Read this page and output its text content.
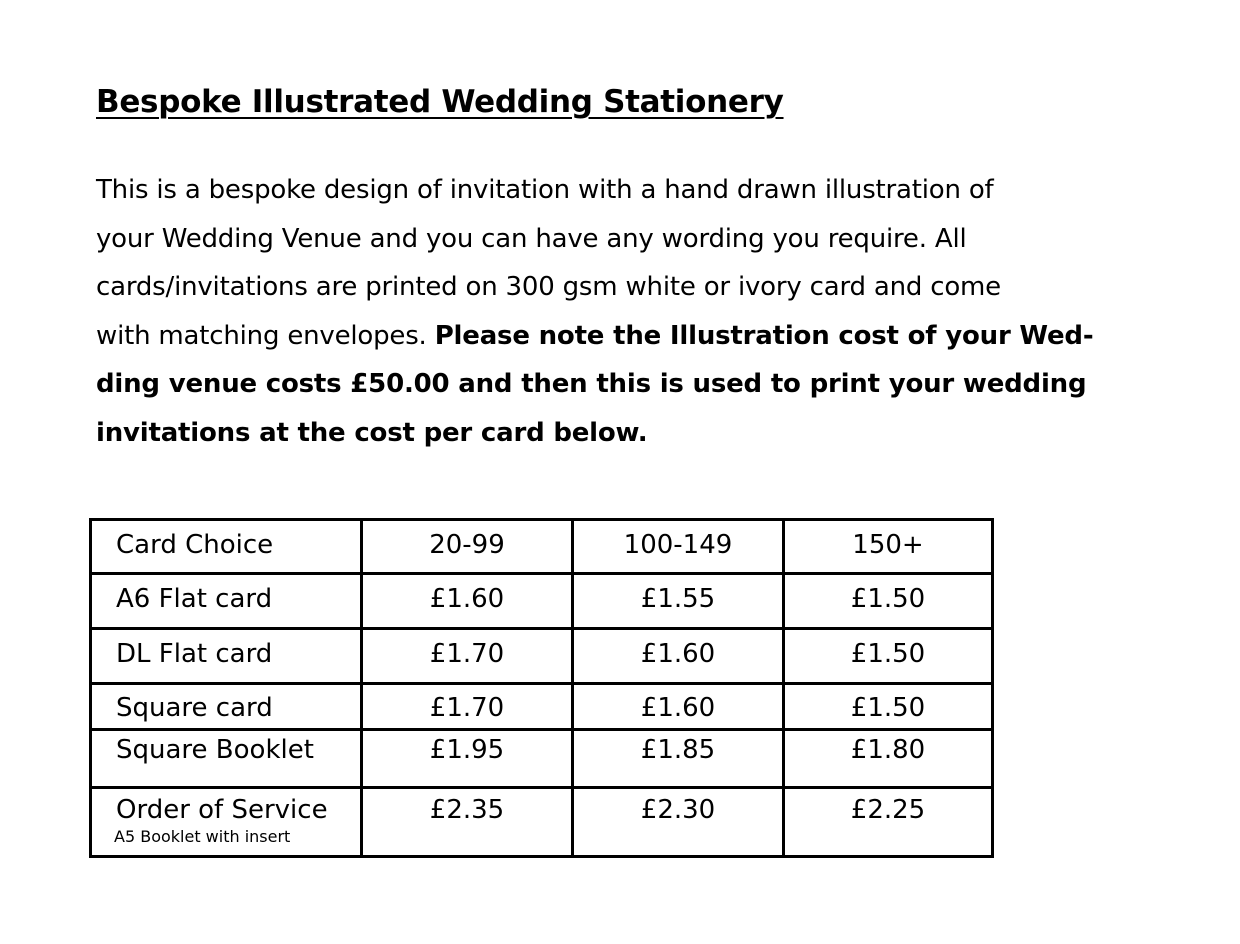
Bespoke Illustrated Wedding Stationery

This is a bespoke design of invitation with a hand drawn illustration of
your Wedding Venue and you can have any wording you require. All
cards/invitations are printed on 300 gsm white or ivory card and come
with matching envelopes. Please note the Illustration cost of your Wed-
ding venue costs £50.00 and then this is used to print your wedding
invitations at the cost per card below.

Card Choice	20-99	100-149	150+

A6 Flat card	£1.60	£1.55	£1.50

DL Flat card	£1.70	£1.60	£1.50

Square card	£1.70	£1.60	£1.50

Square Booklet	£1.95	£1.85	£1.80

Order of Service
A5 Booklet with insert	£2.35	£2.30	£2.25
